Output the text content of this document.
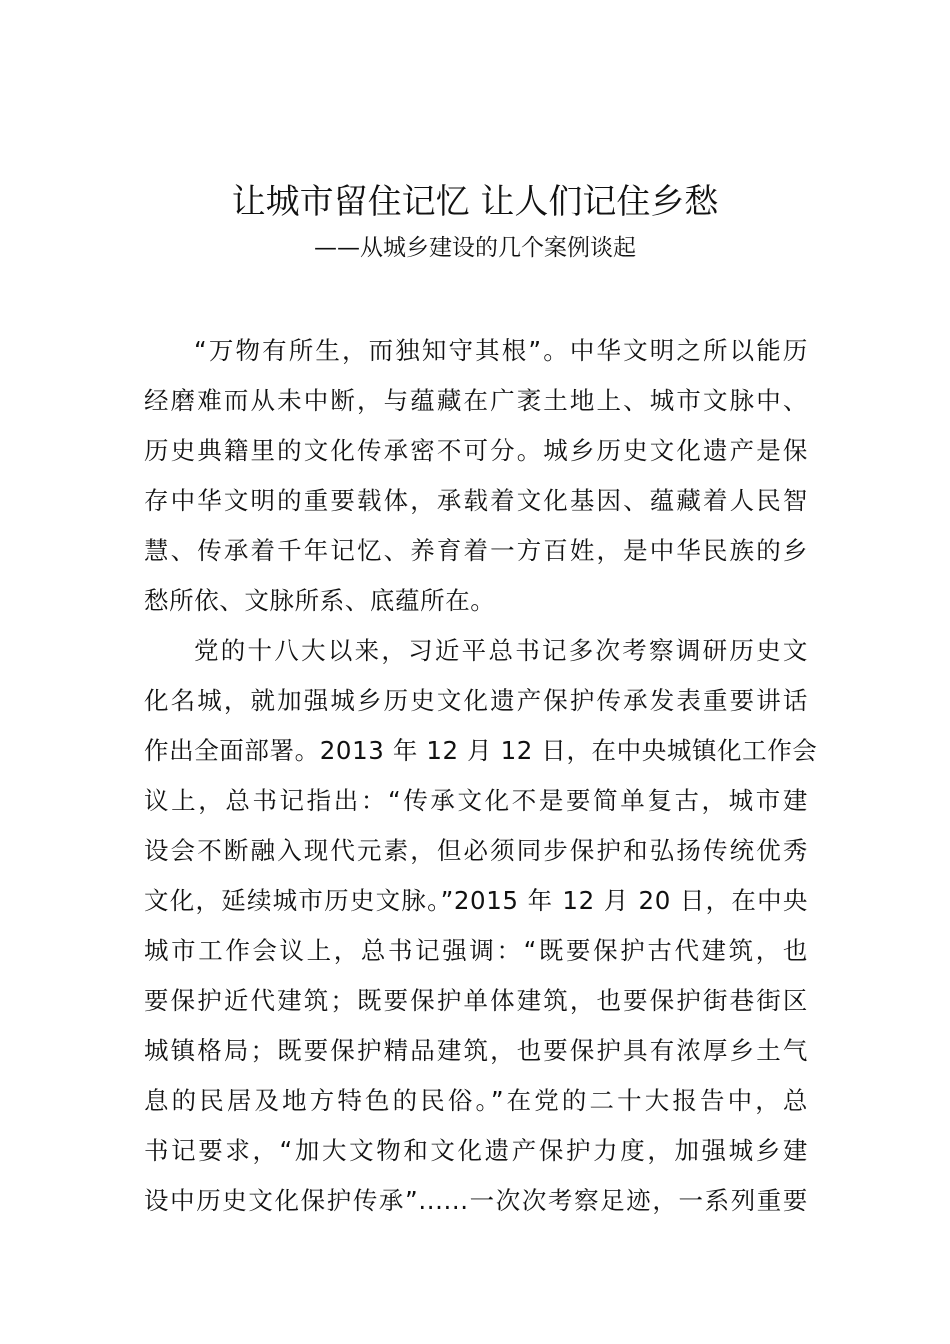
让城市留住记忆 让人们记住乡愁
——从城乡建设的几个案例谈起
“万物有所生，而独知守其根”。中华文明之所以能历
经磨难而从未中断，与蕴藏在广袤土地上、城市文脉中、
历史典籍里的文化传承密不可分。城乡历史文化遗产是保
存中华文明的重要载体，承载着文化基因、蕴藏着人民智
慧、传承着千年记忆、养育着一方百姓，是中华民族的乡
愁所依、文脉所系、底蕴所在。
党的十八大以来，习近平总书记多次考察调研历史文
化名城，就加强城乡历史文化遗产保护传承发表重要讲话
作出全面部署。2013 年 12 月 12 日，在中央城镇化工作会
议上，总书记指出：“传承文化不是要简单复古，城市建
设会不断融入现代元素，但必须同步保护和弘扬传统优秀
文化，延续城市历史文脉。”2015 年 12 月 20 日，在中央
城市工作会议上，总书记强调：“既要保护古代建筑，也
要保护近代建筑；既要保护单体建筑，也要保护街巷街区
城镇格局；既要保护精品建筑，也要保护具有浓厚乡土气
息的民居及地方特色的民俗。”在党的二十大报告中，总
书记要求，“加大文物和文化遗产保护力度，加强城乡建
设中历史文化保护传承”......一次次考察足迹，一系列重要
